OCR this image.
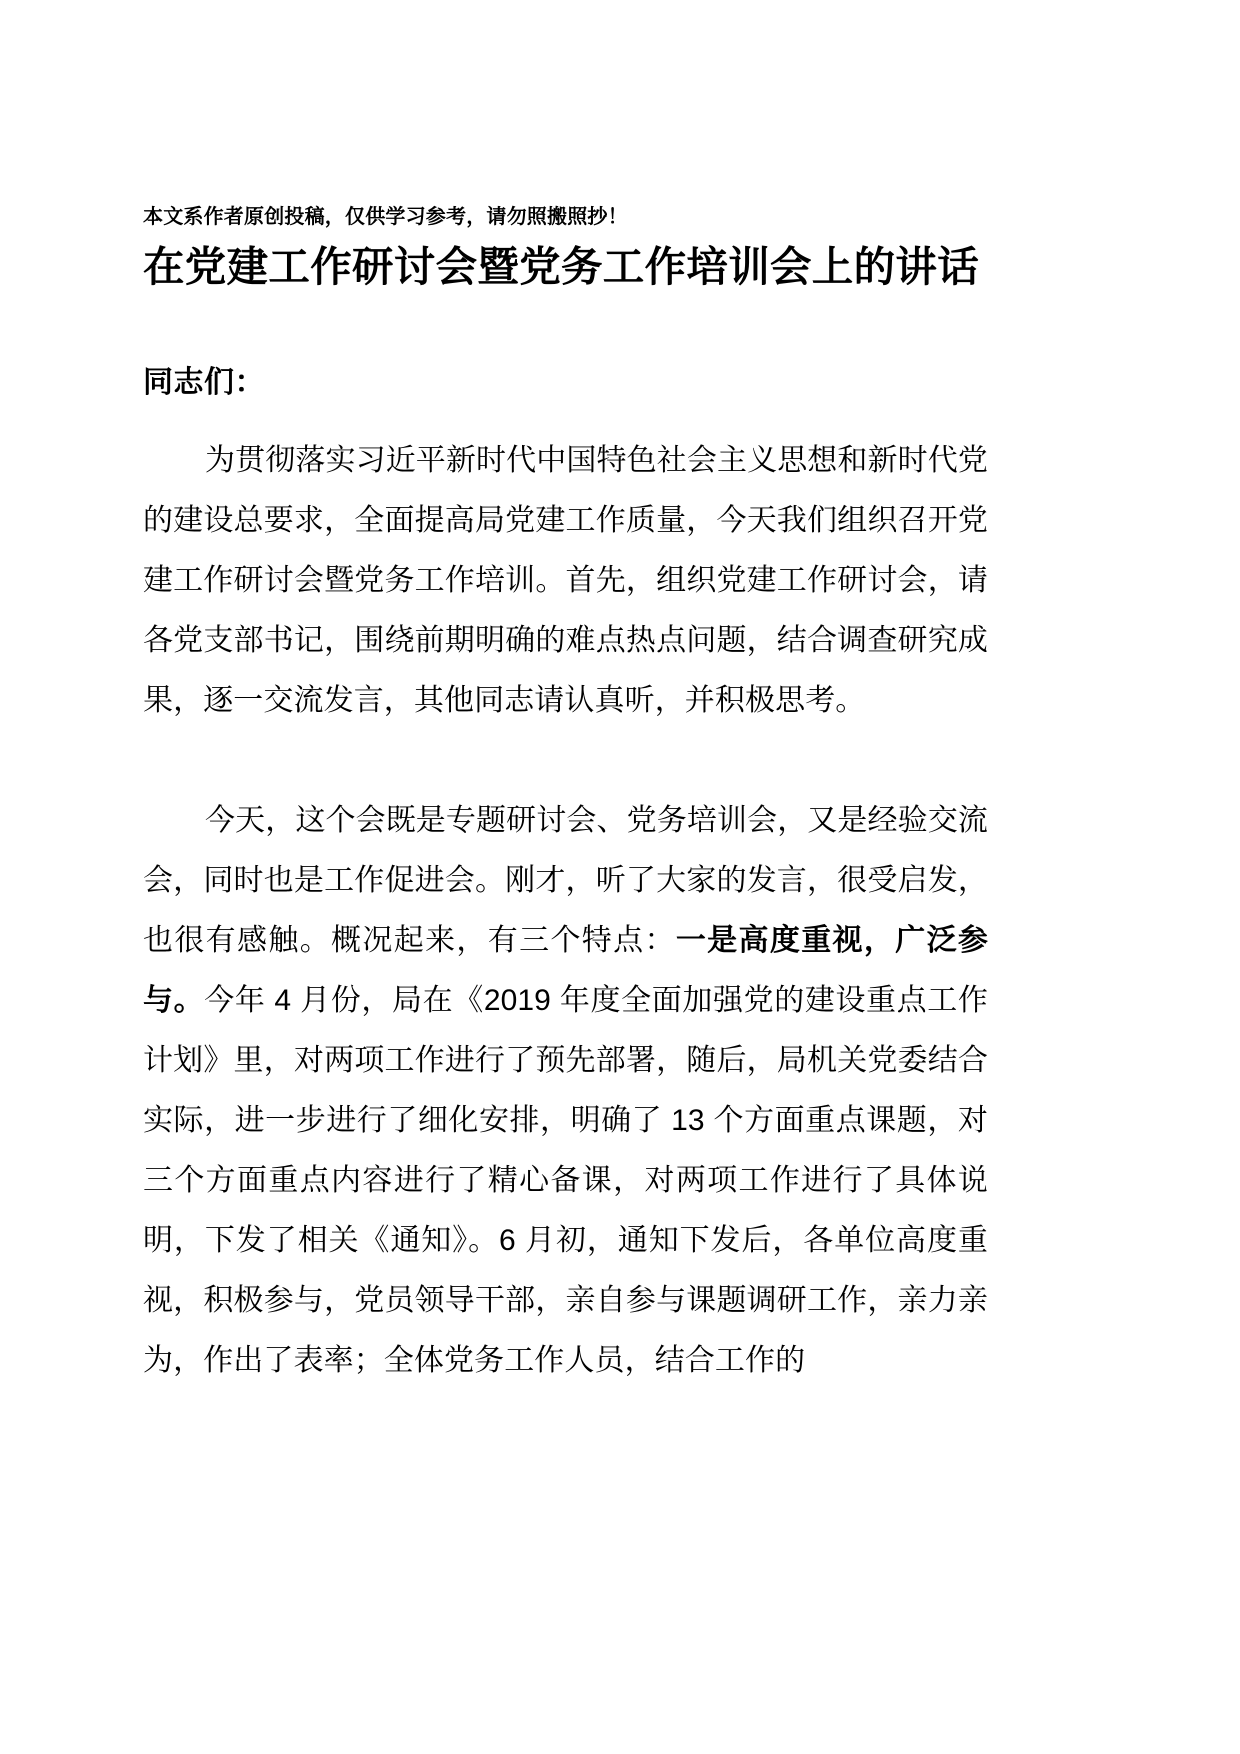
本文系作者原创投稿，仅供学习参考，请勿照搬照抄！

在党建工作研讨会暨党务工作培训会上的讲话

同志们：

为贯彻落实习近平新时代中国特色社会主义思想和新时代党的建设总要求，全面提高局党建工作质量，今天我们组织召开党建工作研讨会暨党务工作培训。首先，组织党建工作研讨会，请各党支部书记，围绕前期明确的难点热点问题，结合调查研究成果，逐一交流发言，其他同志请认真听，并积极思考。

今天，这个会既是专题研讨会、党务培训会，又是经验交流会，同时也是工作促进会。刚才，听了大家的发言，很受启发，也很有感触。概况起来，有三个特点：一是高度重视，广泛参与。今年 4 月份，局在《2019 年度全面加强党的建设重点工作计划》里，对两项工作进行了预先部署，随后，局机关党委结合实际，进一步进行了细化安排，明确了 13 个方面重点课题，对三个方面重点内容进行了精心备课，对两项工作进行了具体说明，下发了相关《通知》。6 月初，通知下发后，各单位高度重视，积极参与，党员领导干部，亲自参与课题调研工作，亲力亲为，作出了表率；全体党务工作人员，结合工作的
